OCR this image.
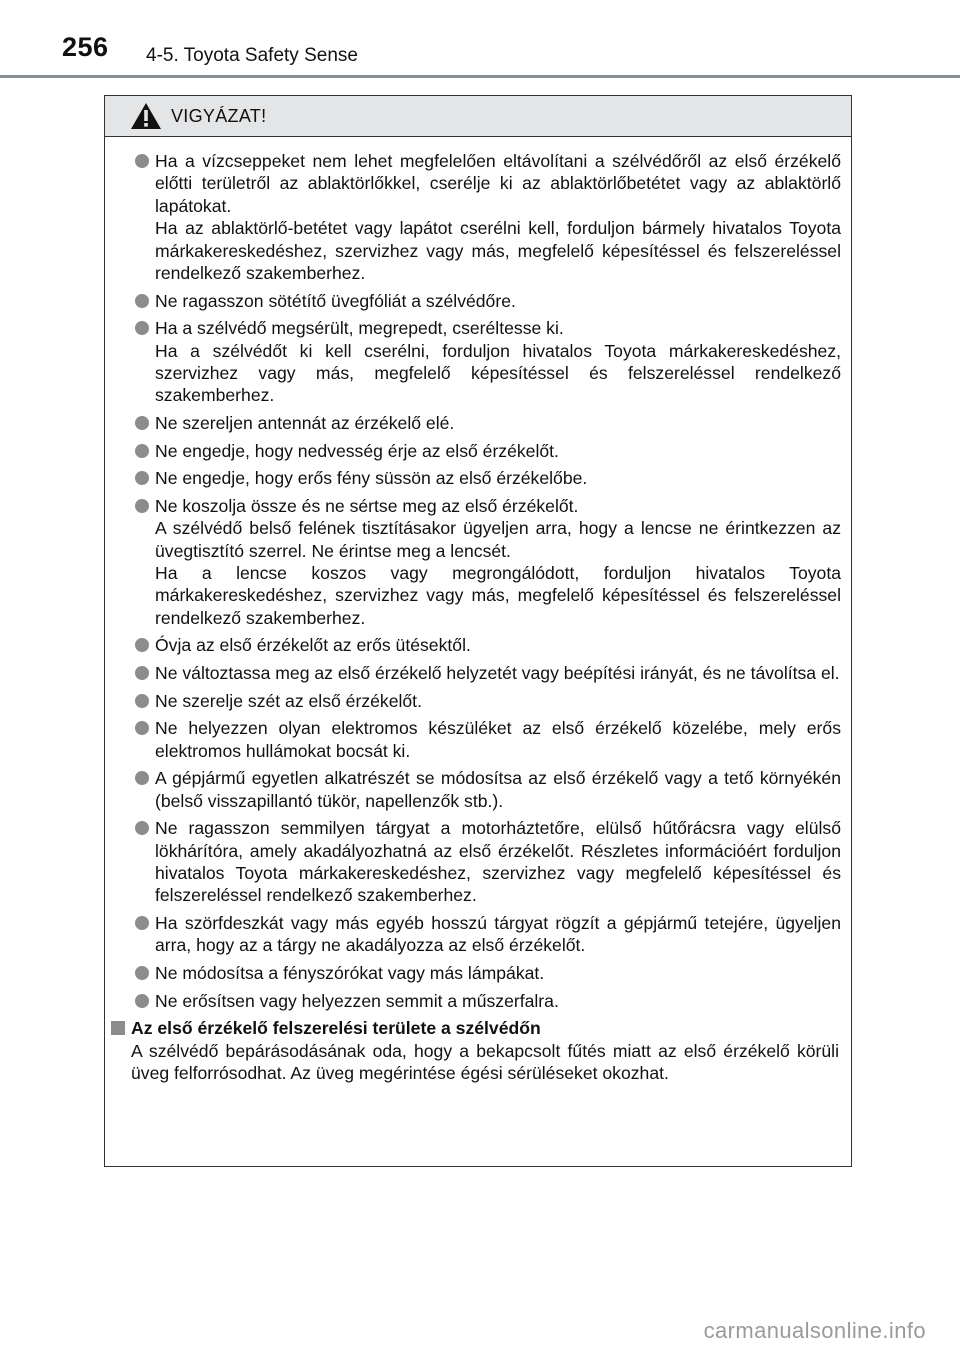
256 4-5. Toyota Safety Sense
VIGYÁZAT!
Ha a vízcseppeket nem lehet megfelelően eltávolítani a szélvédőről az első érzékelő előtti területről az ablaktörlőkkel, cserélje ki az ablaktörlőbetétet vagy az ablaktörlő lapátokat.
Ha az ablaktörlő-betétet vagy lapátot cserélni kell, forduljon bármely hivatalos Toyota márkakereskedéshez, szervizhez vagy más, megfelelő képesítéssel és felszereléssel rendelkező szakemberhez.
Ne ragasszon sötétítő üvegfóliát a szélvédőre.
Ha a szélvédő megsérült, megrepedt, cseréltesse ki.
Ha a szélvédőt ki kell cserélni, forduljon hivatalos Toyota márkakereskedéshez, szervizhez vagy más, megfelelő képesítéssel és felszereléssel rendelkező szakemberhez.
Ne szereljen antennát az érzékelő elé.
Ne engedje, hogy nedvesség érje az első érzékelőt.
Ne engedje, hogy erős fény süssön az első érzékelőbe.
Ne koszolja össze és ne sértse meg az első érzékelőt.
A szélvédő belső felének tisztításakor ügyeljen arra, hogy a lencse ne érintkezzen az üvegtisztító szerrel. Ne érintse meg a lencsét.
Ha a lencse koszos vagy megrongálódott, forduljon hivatalos Toyota márkakereskedéshez, szervizhez vagy más, megfelelő képesítéssel és felszereléssel rendelkező szakemberhez.
Óvja az első érzékelőt az erős ütésektől.
Ne változtassa meg az első érzékelő helyzetét vagy beépítési irányát, és ne távolítsa el.
Ne szerelje szét az első érzékelőt.
Ne helyezzen olyan elektromos készüléket az első érzékelő közelébe, mely erős elektromos hullámokat bocsát ki.
A gépjármű egyetlen alkatrészét se módosítsa az első érzékelő vagy a tető környékén (belső visszapillantó tükör, napellenzők stb.).
Ne ragasszon semmilyen tárgyat a motorháztetőre, elülső hűtőrácsra vagy elülső lökhárítóra, amely akadályozhatná az első érzékelőt. Részletes információért forduljon hivatalos Toyota márkakereskedéshez, szervizhez vagy megfelelő képesítéssel és felszereléssel rendelkező szakemberhez.
Ha szörfdeszkát vagy más egyéb hosszú tárgyat rögzít a gépjármű tetejére, ügyeljen arra, hogy az a tárgy ne akadályozza az első érzékelőt.
Ne módosítsa a fényszórókat vagy más lámpákat.
Ne erősítsen vagy helyezzen semmit a műszerfalra.
Az első érzékelő felszerelési területe a szélvédőn
A szélvédő bepárásodásának oda, hogy a bekapcsolt fűtés miatt az első érzékelő körüli üveg felforrósodhat. Az üveg megérintése égési sérüléseket okozhat.
carmanualsonline.info
